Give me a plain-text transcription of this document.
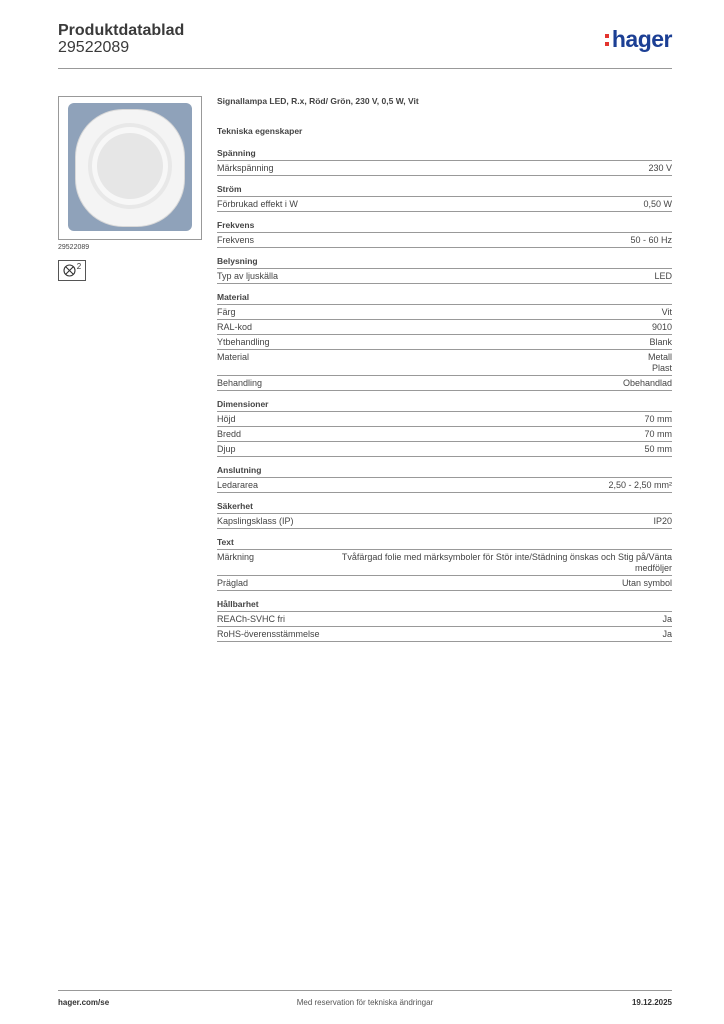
Produktdatablad
29522089	hager
29522089
2
Signallampa LED, R.x, Röd/ Grön, 230 V, 0,5 W, Vit
Tekniska egenskaper
Spänning
Märkspänning	230 V
Ström
Förbrukad effekt i W	0,50 W
Frekvens
Frekvens	50 - 60 Hz
Belysning
Typ av ljuskälla	LED
Material
Färg	Vit
RAL-kod	9010
Ytbehandling	Blank
Material	Metall
Plast
Behandling	Obehandlad
Dimensioner
Höjd	70 mm
Bredd	70 mm
Djup	50 mm
Anslutning
Ledararea	2,50 - 2,50 mm²
Säkerhet
Kapslingsklass (IP)	IP20
Text
Märkning	Tvåfärgad folie med märksymboler för Stör inte/Städning önskas och Stig på/Vänta
medföljer
Präglad	Utan symbol
Hållbarhet
REACh-SVHC fri	Ja
RoHS-överensstämmelse	Ja
hager.com/se	Med reservation för tekniska ändringar	19.12.2025
